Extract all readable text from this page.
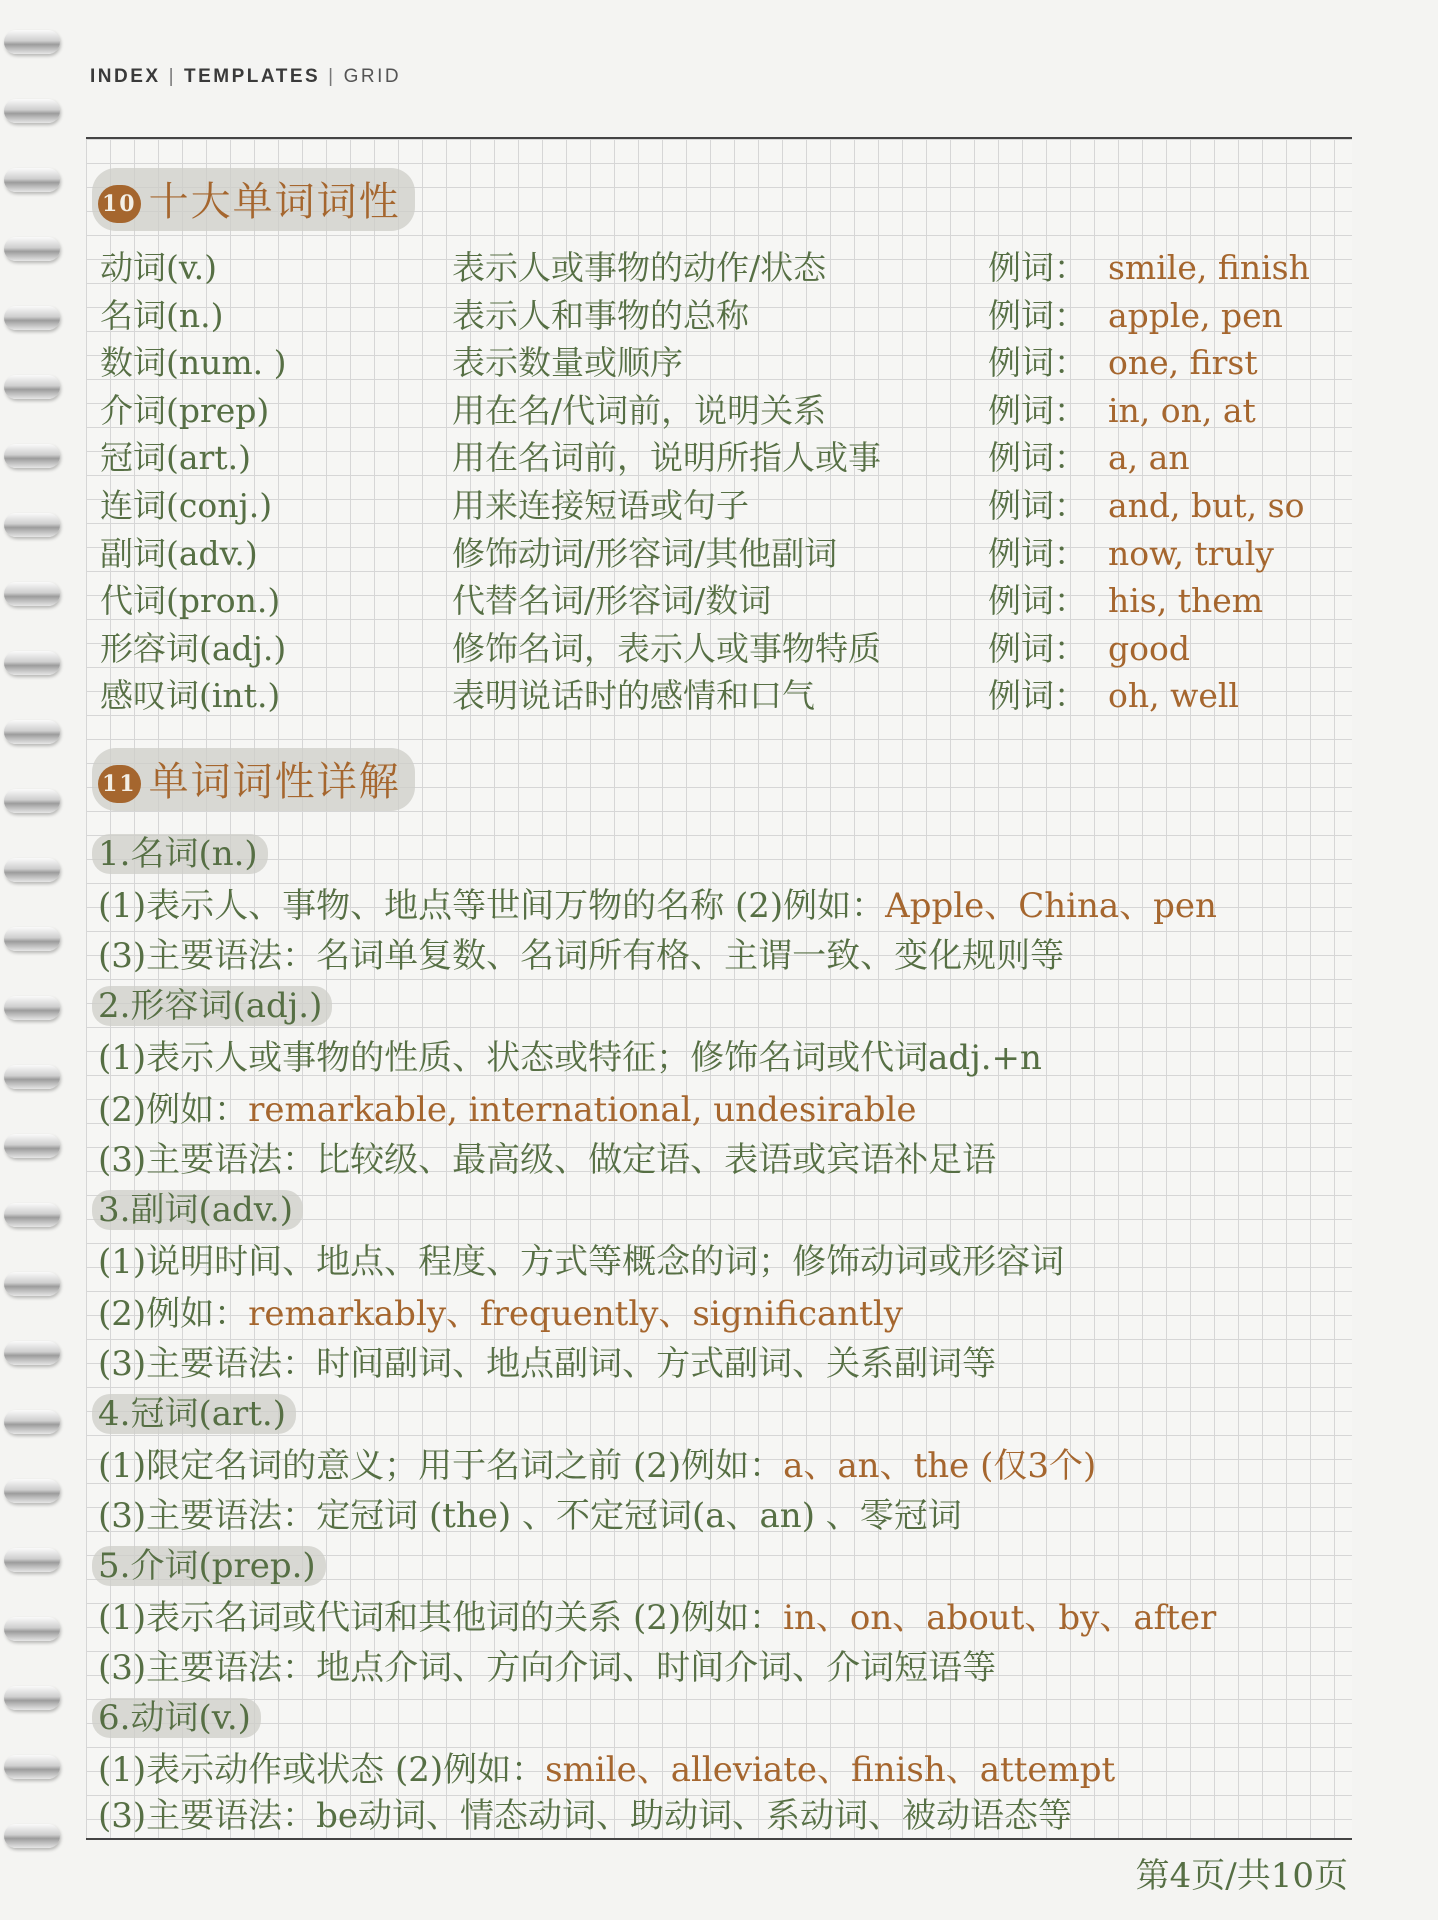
INDEX | TEMPLATES | GRID
10 十大单词词性
动词(v.)	表示人或事物的动作/状态	例词： smile, finish
名词(n.)	表示人和事物的总称	例词： apple, pen
数词(num. )	表示数量或顺序	例词： one, first
介词(prep)	用在名/代词前，说明关系	例词： in, on, at
冠词(art.)	用在名词前，说明所指人或事	例词： a, an
连词(conj.)	用来连接短语或句子	例词： and, but, so
副词(adv.)	修饰动词/形容词/其他副词	例词： now, truly
代词(pron.)	代替名词/形容词/数词	例词： his, them
形容词(adj.)	修饰名词，表示人或事物特质	例词： good
感叹词(int.)	表明说话时的感情和口气	例词： oh, well
11 单词词性详解
1.名词(n.)
(1)表示人、事物、地点等世间万物的名称 (2)例如：Apple、China、pen
(3)主要语法：名词单复数、名词所有格、主谓一致、变化规则等
2.形容词(adj.)
(1)表示人或事物的性质、状态或特征；修饰名词或代词adj.+n
(2)例如：remarkable, international, undesirable
(3)主要语法：比较级、最高级、做定语、表语或宾语补足语
3.副词(adv.)
(1)说明时间、地点、程度、方式等概念的词；修饰动词或形容词
(2)例如：remarkably、frequently、significantly
(3)主要语法：时间副词、地点副词、方式副词、关系副词等
4.冠词(art.)
(1)限定名词的意义；用于名词之前 (2)例如：a、an、the (仅3个)
(3)主要语法：定冠词 (the) 、不定冠词(a、an) 、零冠词
5.介词(prep.)
(1)表示名词或代词和其他词的关系 (2)例如：in、on、about、by、after
(3)主要语法：地点介词、方向介词、时间介词、介词短语等
6.动词(v.)
(1)表示动作或状态 (2)例如：smile、alleviate、finish、attempt
(3)主要语法：be动词、情态动词、助动词、系动词、被动语态等
第4页/共10页
